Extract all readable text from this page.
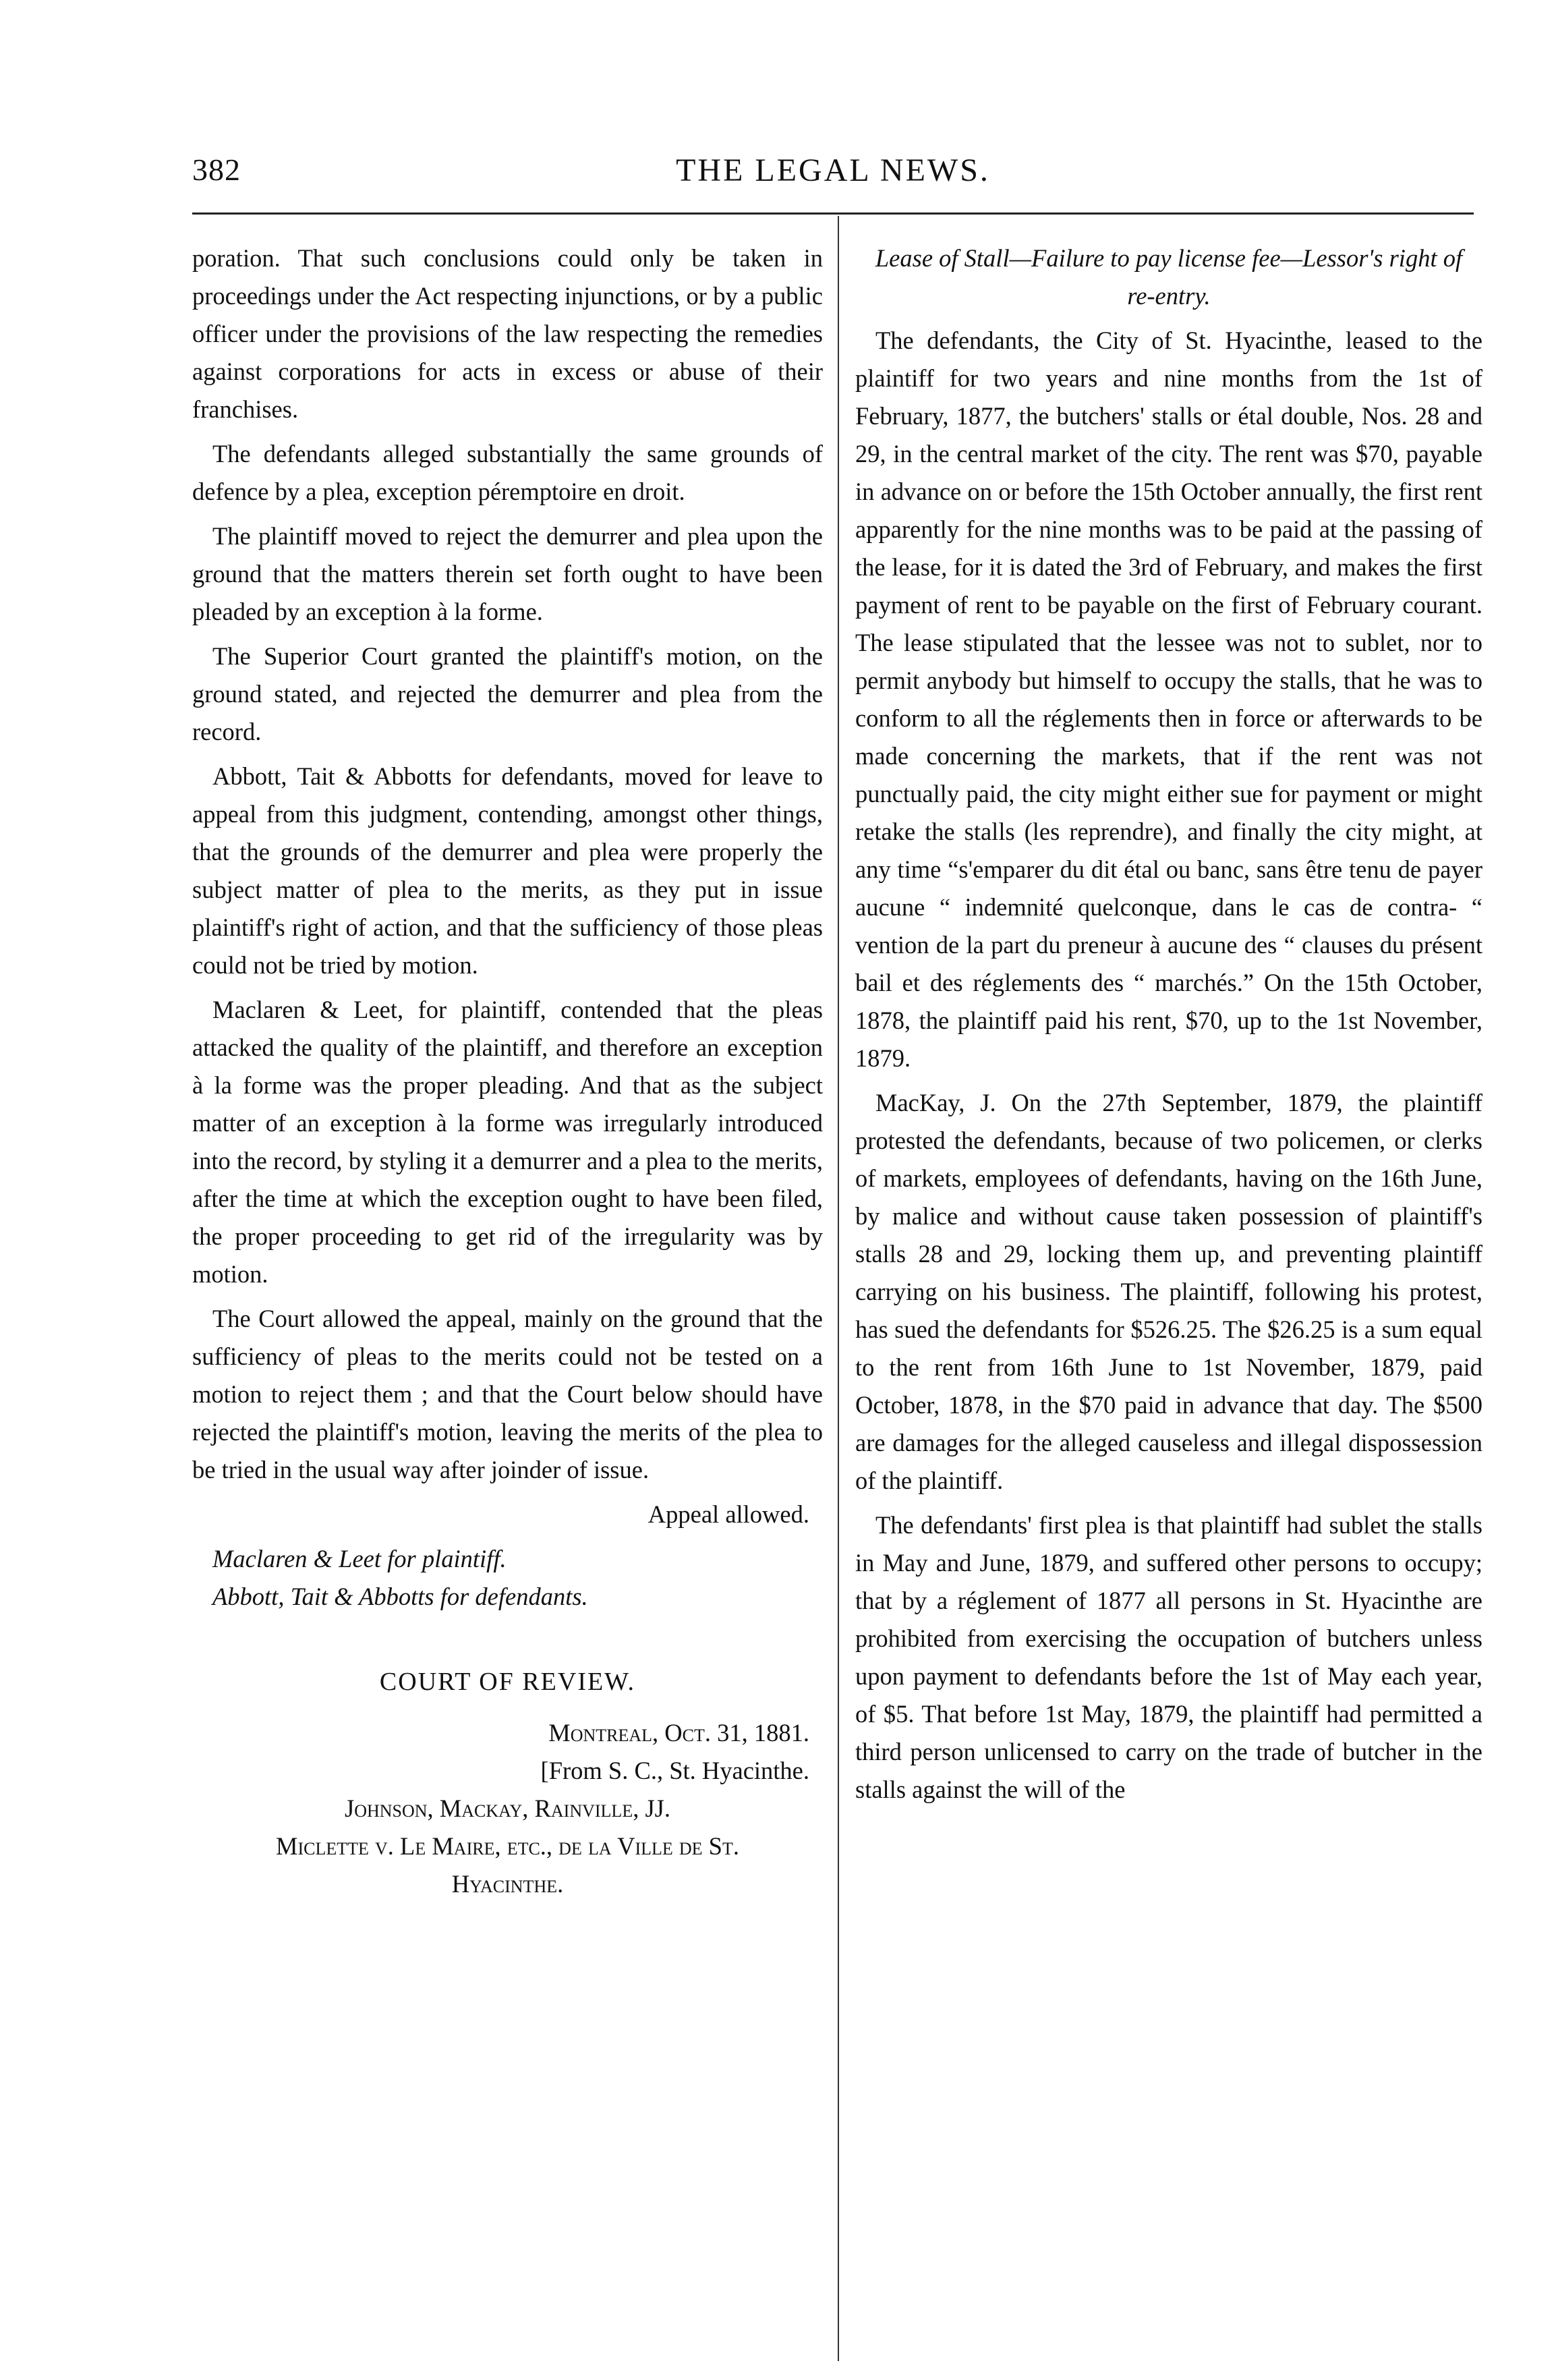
382	THE LEGAL NEWS.

poration. That such conclusions could only be taken in proceedings under the Act respecting injunctions, or by a public officer under the provisions of the law respecting the remedies against corporations for acts in excess or abuse of their franchises.

The defendants alleged substantially the same grounds of defence by a plea, exception péremptoire en droit.

The plaintiff moved to reject the demurrer and plea upon the ground that the matters therein set forth ought to have been pleaded by an exception à la forme.

The Superior Court granted the plaintiff's motion, on the ground stated, and rejected the demurrer and plea from the record.

Abbott, Tait & Abbotts for defendants, moved for leave to appeal from this judgment, contending, amongst other things, that the grounds of the demurrer and plea were properly the subject matter of plea to the merits, as they put in issue plaintiff's right of action, and that the sufficiency of those pleas could not be tried by motion.

Maclaren & Leet, for plaintiff, contended that the pleas attacked the quality of the plaintiff, and therefore an exception à la forme was the proper pleading. And that as the subject matter of an exception à la forme was irregularly introduced into the record, by styling it a demurrer and a plea to the merits, after the time at which the exception ought to have been filed, the proper proceeding to get rid of the irregularity was by motion.

The Court allowed the appeal, mainly on the ground that the sufficiency of pleas to the merits could not be tested on a motion to reject them ; and that the Court below should have rejected the plaintiff's motion, leaving the merits of the plea to be tried in the usual way after joinder of issue.

Appeal allowed.

Maclaren & Leet for plaintiff.

Abbott, Tait & Abbotts for defendants.

COURT OF REVIEW.

Montreal, Oct. 31, 1881.

[From S. C., St. Hyacinthe.

Johnson, Mackay, Rainville, JJ.

Miclette v. Le Maire, etc., de la Ville de St.

Hyacinthe.

Lease of Stall—Failure to pay license fee—Lessor's right of re-entry.

The defendants, the City of St. Hyacinthe, leased to the plaintiff for two years and nine months from the 1st of February, 1877, the butchers' stalls or étal double, Nos. 28 and 29, in the central market of the city. The rent was $70, payable in advance on or before the 15th October annually, the first rent apparently for the nine months was to be paid at the passing of the lease, for it is dated the 3rd of February, and makes the first payment of rent to be payable on the first of February courant. The lease stipulated that the lessee was not to sublet, nor to permit anybody but himself to occupy the stalls, that he was to conform to all the réglements then in force or afterwards to be made concerning the markets, that if the rent was not punctually paid, the city might either sue for payment or might retake the stalls (les reprendre), and finally the city might, at any time “s'emparer du dit étal ou banc, sans être tenu de payer aucune “ indemnité quelconque, dans le cas de contra- “ vention de la part du preneur à aucune des “ clauses du présent bail et des réglements des “ marchés.” On the 15th October, 1878, the plaintiff paid his rent, $70, up to the 1st November, 1879.

MacKay, J. On the 27th September, 1879, the plaintiff protested the defendants, because of two policemen, or clerks of markets, employees of defendants, having on the 16th June, by malice and without cause taken possession of plaintiff's stalls 28 and 29, locking them up, and preventing plaintiff carrying on his business. The plaintiff, following his protest, has sued the defendants for $526.25. The $26.25 is a sum equal to the rent from 16th June to 1st November, 1879, paid October, 1878, in the $70 paid in advance that day. The $500 are damages for the alleged causeless and illegal dispossession of the plaintiff.

The defendants' first plea is that plaintiff had sublet the stalls in May and June, 1879, and suffered other persons to occupy; that by a réglement of 1877 all persons in St. Hyacinthe are prohibited from exercising the occupation of butchers unless upon payment to defendants before the 1st of May each year, of $5. That before 1st May, 1879, the plaintiff had permitted a third person unlicensed to carry on the trade of butcher in the stalls against the will of the
